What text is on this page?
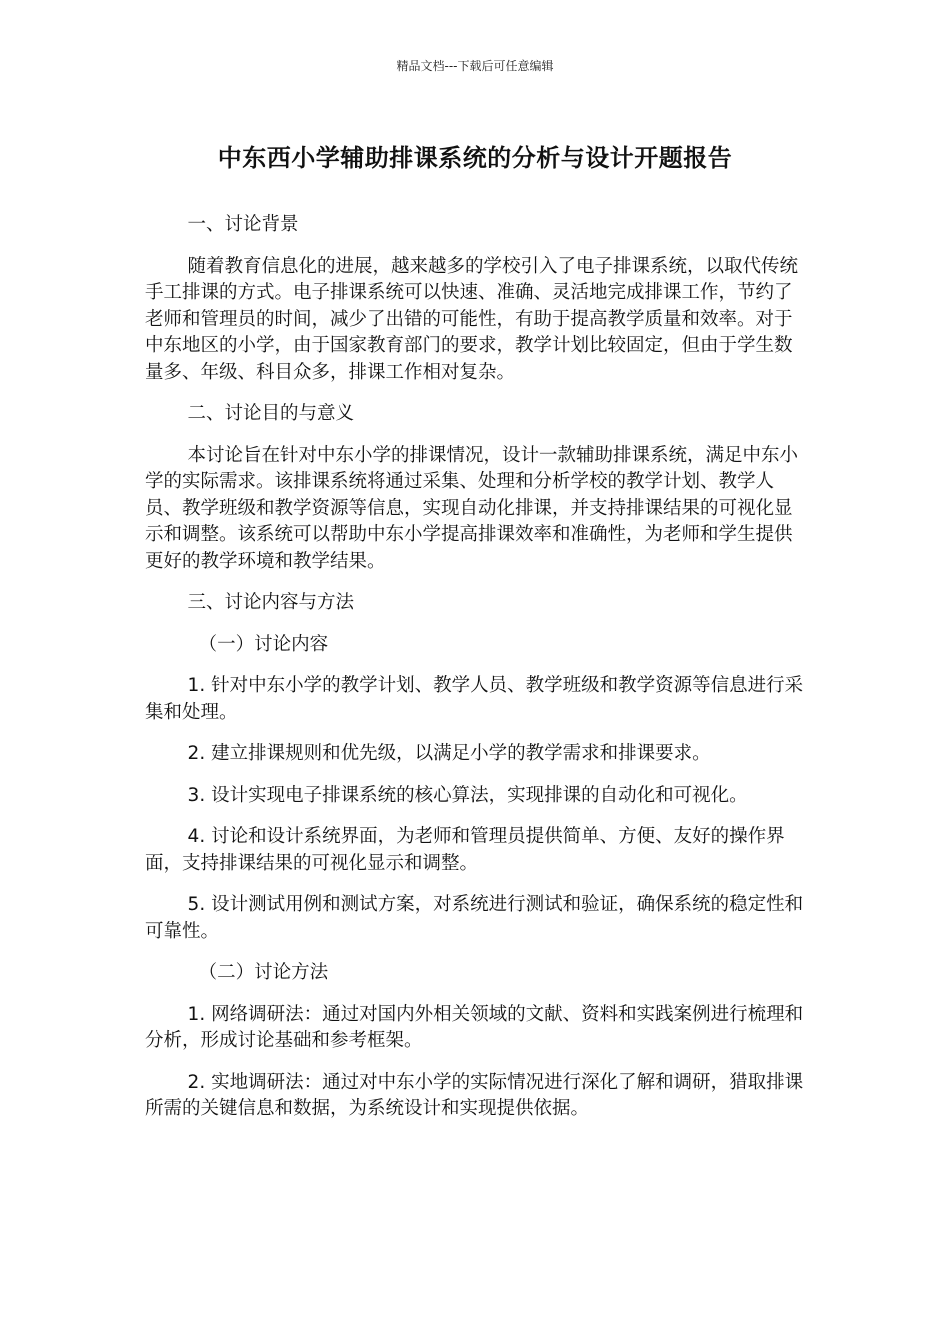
精品文档---下载后可任意编辑
中东西小学辅助排课系统的分析与设计开题报告

一、讨论背景

随着教育信息化的进展，越来越多的学校引入了电子排课系统，以取代传统手工排课的方式。电子排课系统可以快速、准确、灵活地完成排课工作，节约了老师和管理员的时间，减少了出错的可能性，有助于提高教学质量和效率。对于中东地区的小学，由于国家教育部门的要求，教学计划比较固定，但由于学生数量多、年级、科目众多，排课工作相对复杂。

二、讨论目的与意义

本讨论旨在针对中东小学的排课情况，设计一款辅助排课系统，满足中东小学的实际需求。该排课系统将通过采集、处理和分析学校的教学计划、教学人员、教学班级和教学资源等信息，实现自动化排课，并支持排课结果的可视化显示和调整。该系统可以帮助中东小学提高排课效率和准确性，为老师和学生提供更好的教学环境和教学结果。

三、讨论内容与方法

（一）讨论内容

1. 针对中东小学的教学计划、教学人员、教学班级和教学资源等信息进行采集和处理。

2. 建立排课规则和优先级，以满足小学的教学需求和排课要求。

3. 设计实现电子排课系统的核心算法，实现排课的自动化和可视化。

4. 讨论和设计系统界面，为老师和管理员提供简单、方便、友好的操作界面，支持排课结果的可视化显示和调整。

5. 设计测试用例和测试方案，对系统进行测试和验证，确保系统的稳定性和可靠性。

（二）讨论方法

1. 网络调研法：通过对国内外相关领域的文献、资料和实践案例进行梳理和分析，形成讨论基础和参考框架。

2. 实地调研法：通过对中东小学的实际情况进行深化了解和调研，猎取排课所需的关键信息和数据，为系统设计和实现提供依据。
